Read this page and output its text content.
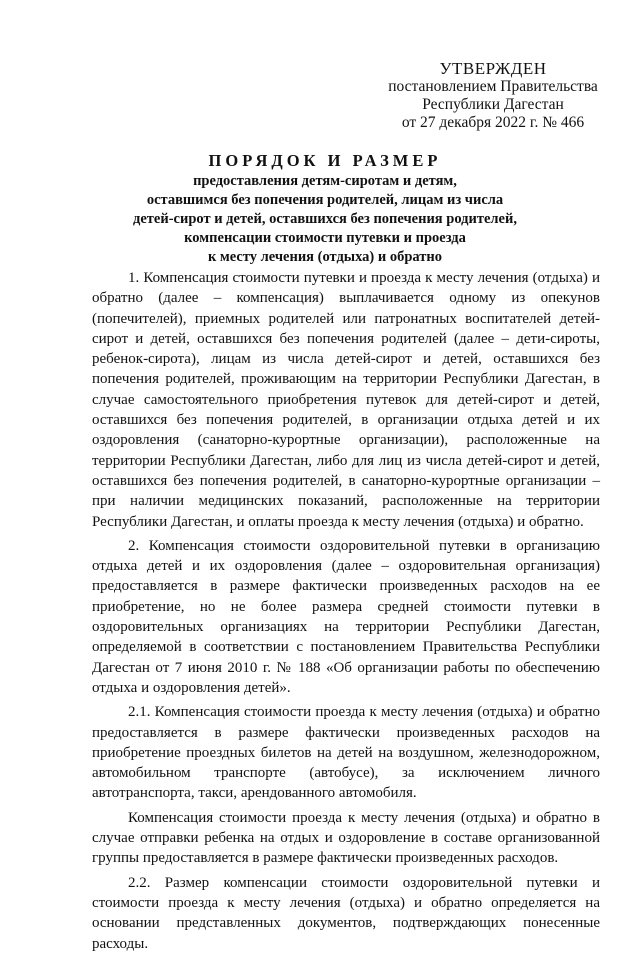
УТВЕРЖДЕН
постановлением Правительства
Республики Дагестан
от 27 декабря 2022 г. № 466
ПОРЯДОК И РАЗМЕР
предоставления детям-сиротам и детям,
оставшимся без попечения родителей, лицам из числа
детей-сирот и детей, оставшихся без попечения родителей,
компенсации стоимости путевки и проезда
к месту лечения (отдыха) и обратно

1. Компенсация стоимости путевки и проезда к месту лечения (отдыха) и обратно (далее – компенсация) выплачивается одному из опекунов (попечителей), приемных родителей или патронатных воспитателей детей-сирот и детей, оставшихся без попечения родителей (далее – дети-сироты, ребенок-сирота), лицам из числа детей-сирот и детей, оставшихся без попечения родителей, проживающим на территории Республики Дагестан, в случае самостоятельного приобретения путевок для детей-сирот и детей, оставшихся без попечения родителей, в организации отдыха детей и их оздоровления (санаторно-курортные организации), расположенные на территории Республики Дагестан, либо для лиц из числа детей-сирот и детей, оставшихся без попечения родителей, в санаторно-курортные организации – при наличии медицинских показаний, расположенные на территории Республики Дагестан, и оплаты проезда к месту лечения (отдыха) и обратно.

2. Компенсация стоимости оздоровительной путевки в организацию отдыха детей и их оздоровления (далее – оздоровительная организация) предоставляется в размере фактически произведенных расходов на ее приобретение, но не более размера средней стоимости путевки в оздоровительных организациях на территории Республики Дагестан, определяемой в соответствии с постановлением Правительства Республики Дагестан от 7 июня 2010 г. № 188 «Об организации работы по обеспечению отдыха и оздоровления детей».

2.1. Компенсация стоимости проезда к месту лечения (отдыха) и обратно предоставляется в размере фактически произведенных расходов на приобретение проездных билетов на детей на воздушном, железнодорожном, автомобильном транспорте (автобусе), за исключением личного автотранспорта, такси, арендованного автомобиля.

Компенсация стоимости проезда к месту лечения (отдыха) и обратно в случае отправки ребенка на отдых и оздоровление в составе организованной группы предоставляется в размере фактически произведенных расходов.

2.2. Размер компенсации стоимости оздоровительной путевки и стоимости проезда к месту лечения (отдыха) и обратно определяется на основании представленных документов, подтверждающих понесенные расходы.
